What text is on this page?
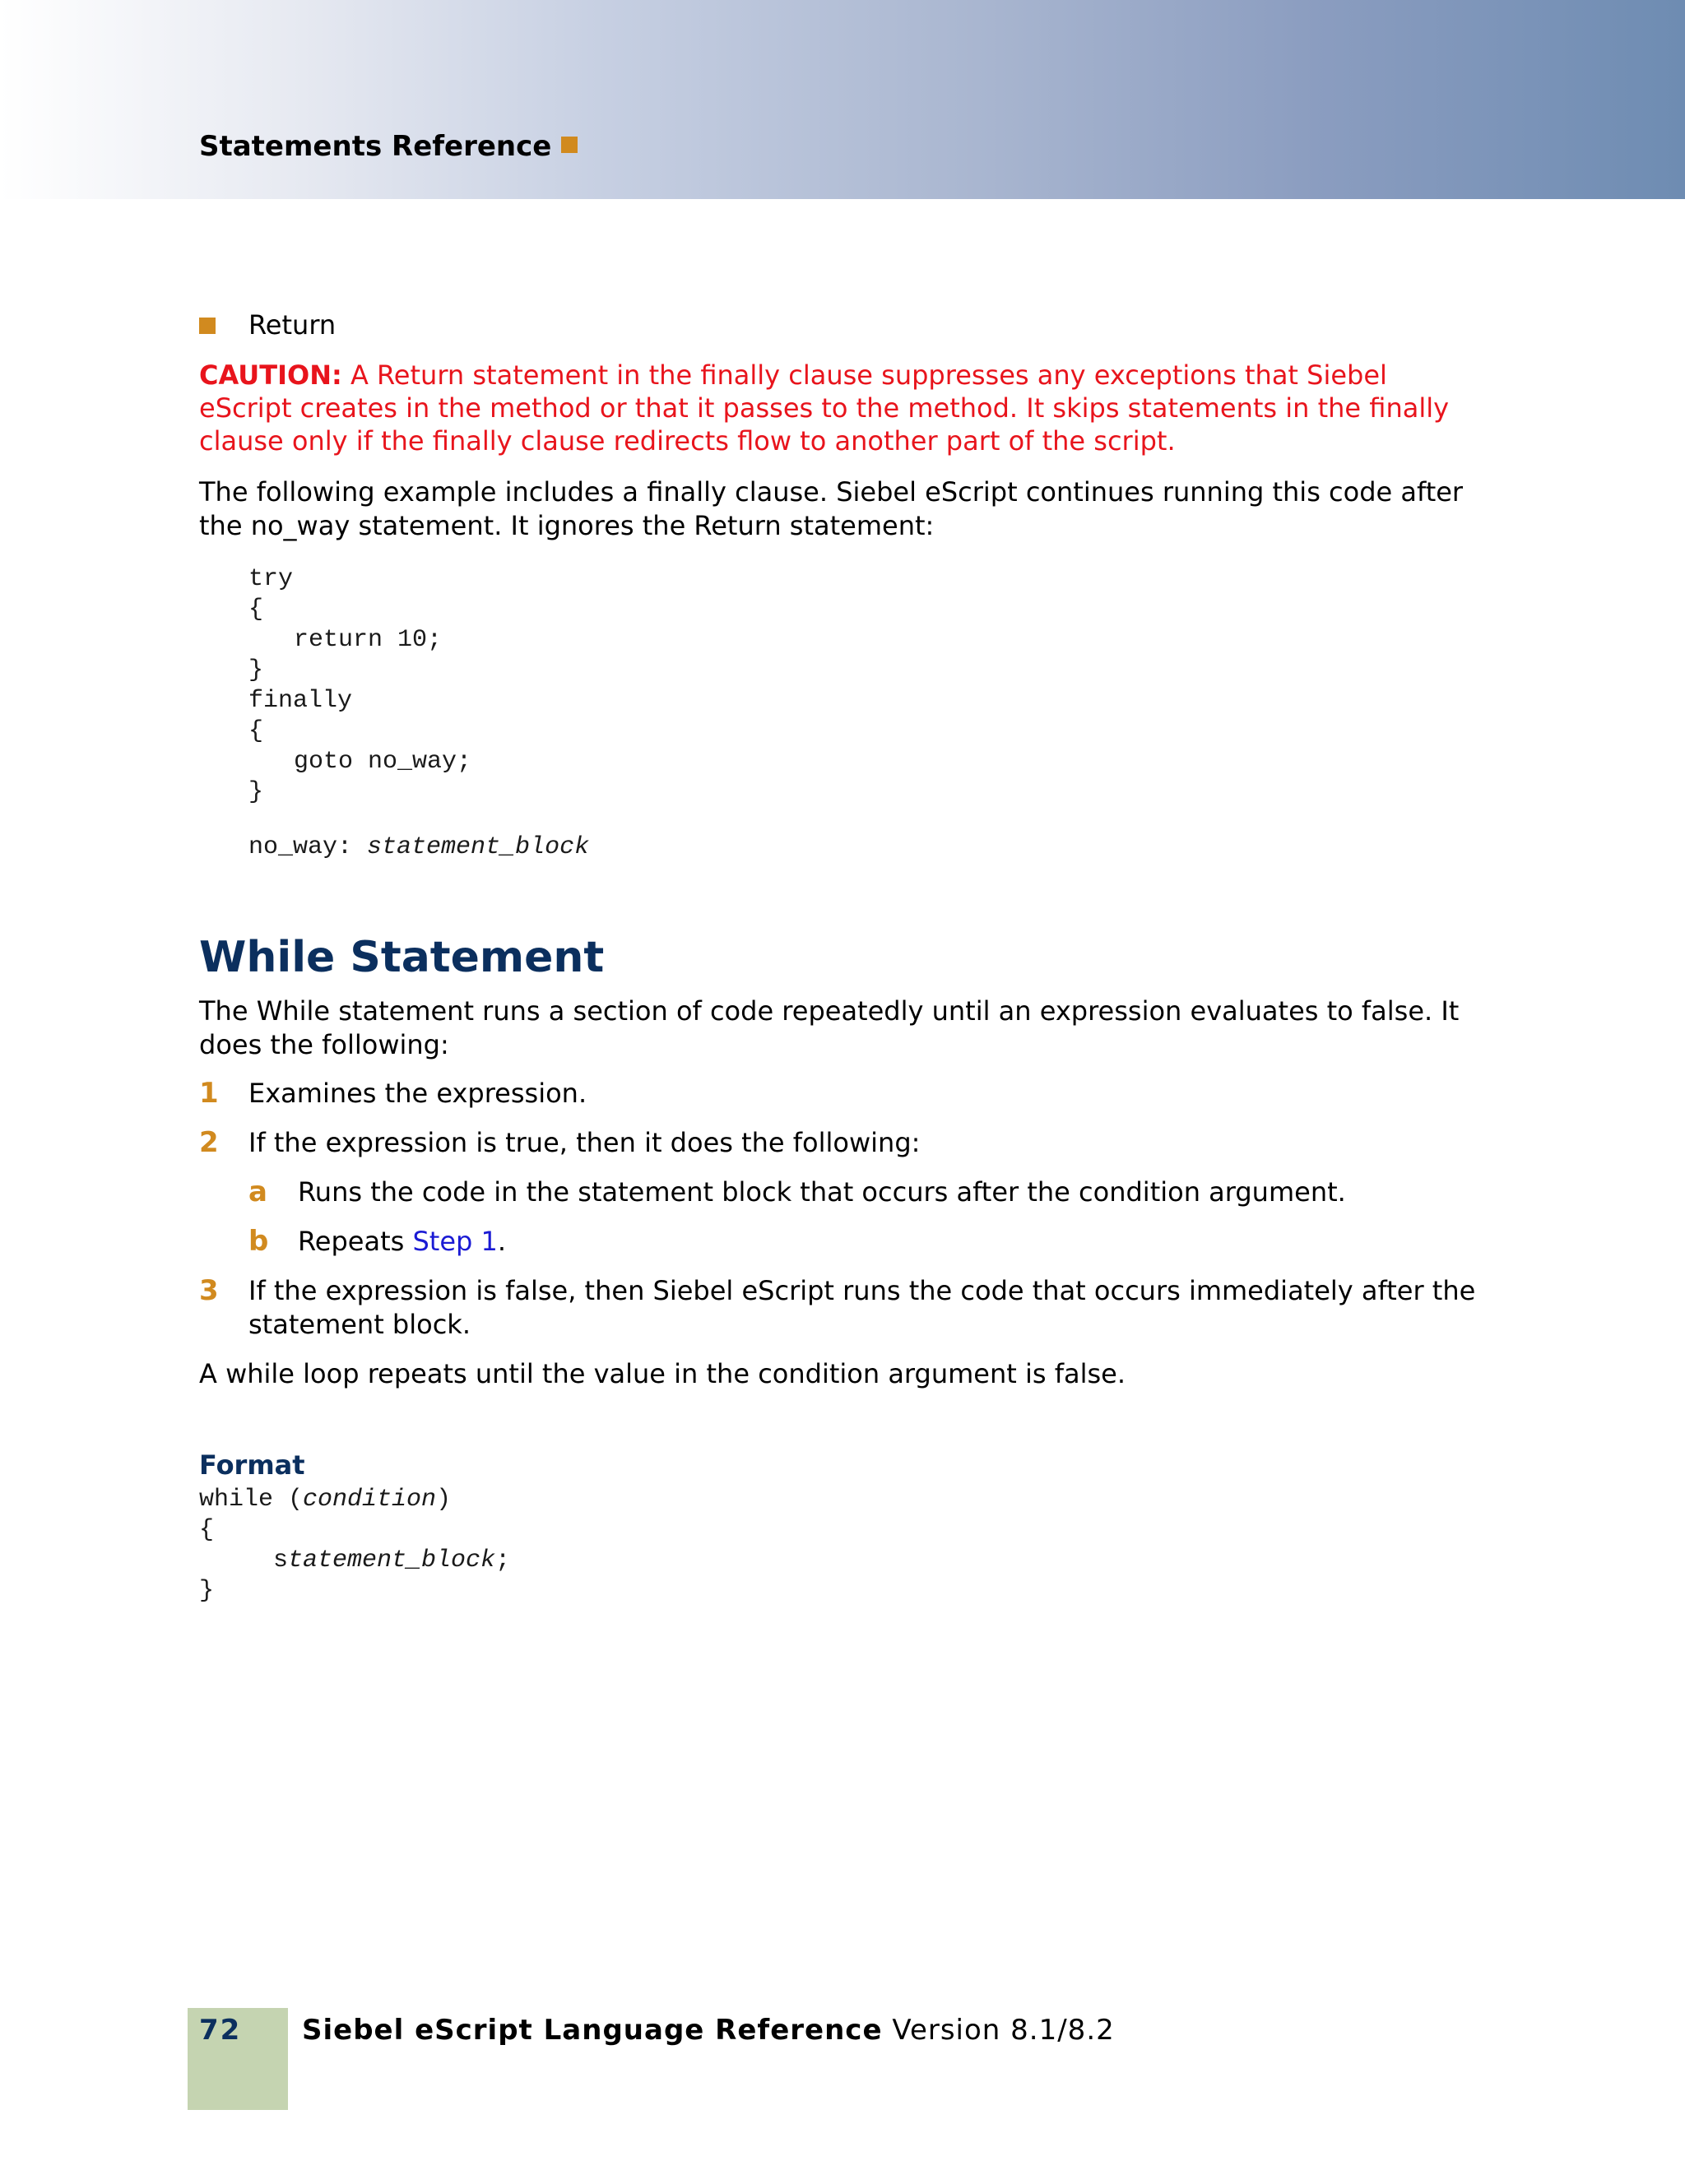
Statements Reference
Return

CAUTION: A Return statement in the finally clause suppresses any exceptions that Siebel eScript creates in the method or that it passes to the method. It skips statements in the finally clause only if the finally clause redirects flow to another part of the script.

The following example includes a finally clause. Siebel eScript continues running this code after the no_way statement. It ignores the Return statement:

try
{
return 10;
}
finally
{
goto no_way;
}
no_way: statement_block
While Statement

The While statement runs a section of code repeatedly until an expression evaluates to false. It does the following:

1 Examines the expression.
2 If the expression is true, then it does the following:
a Runs the code in the statement block that occurs after the condition argument.
b Repeats Step 1.
3 If the expression is false, then Siebel eScript runs the code that occurs immediately after the statement block.

A while loop repeats until the value in the condition argument is false.

Format
while (condition)
{
statement_block;
}
72 Siebel eScript Language Reference Version 8.1/8.2
